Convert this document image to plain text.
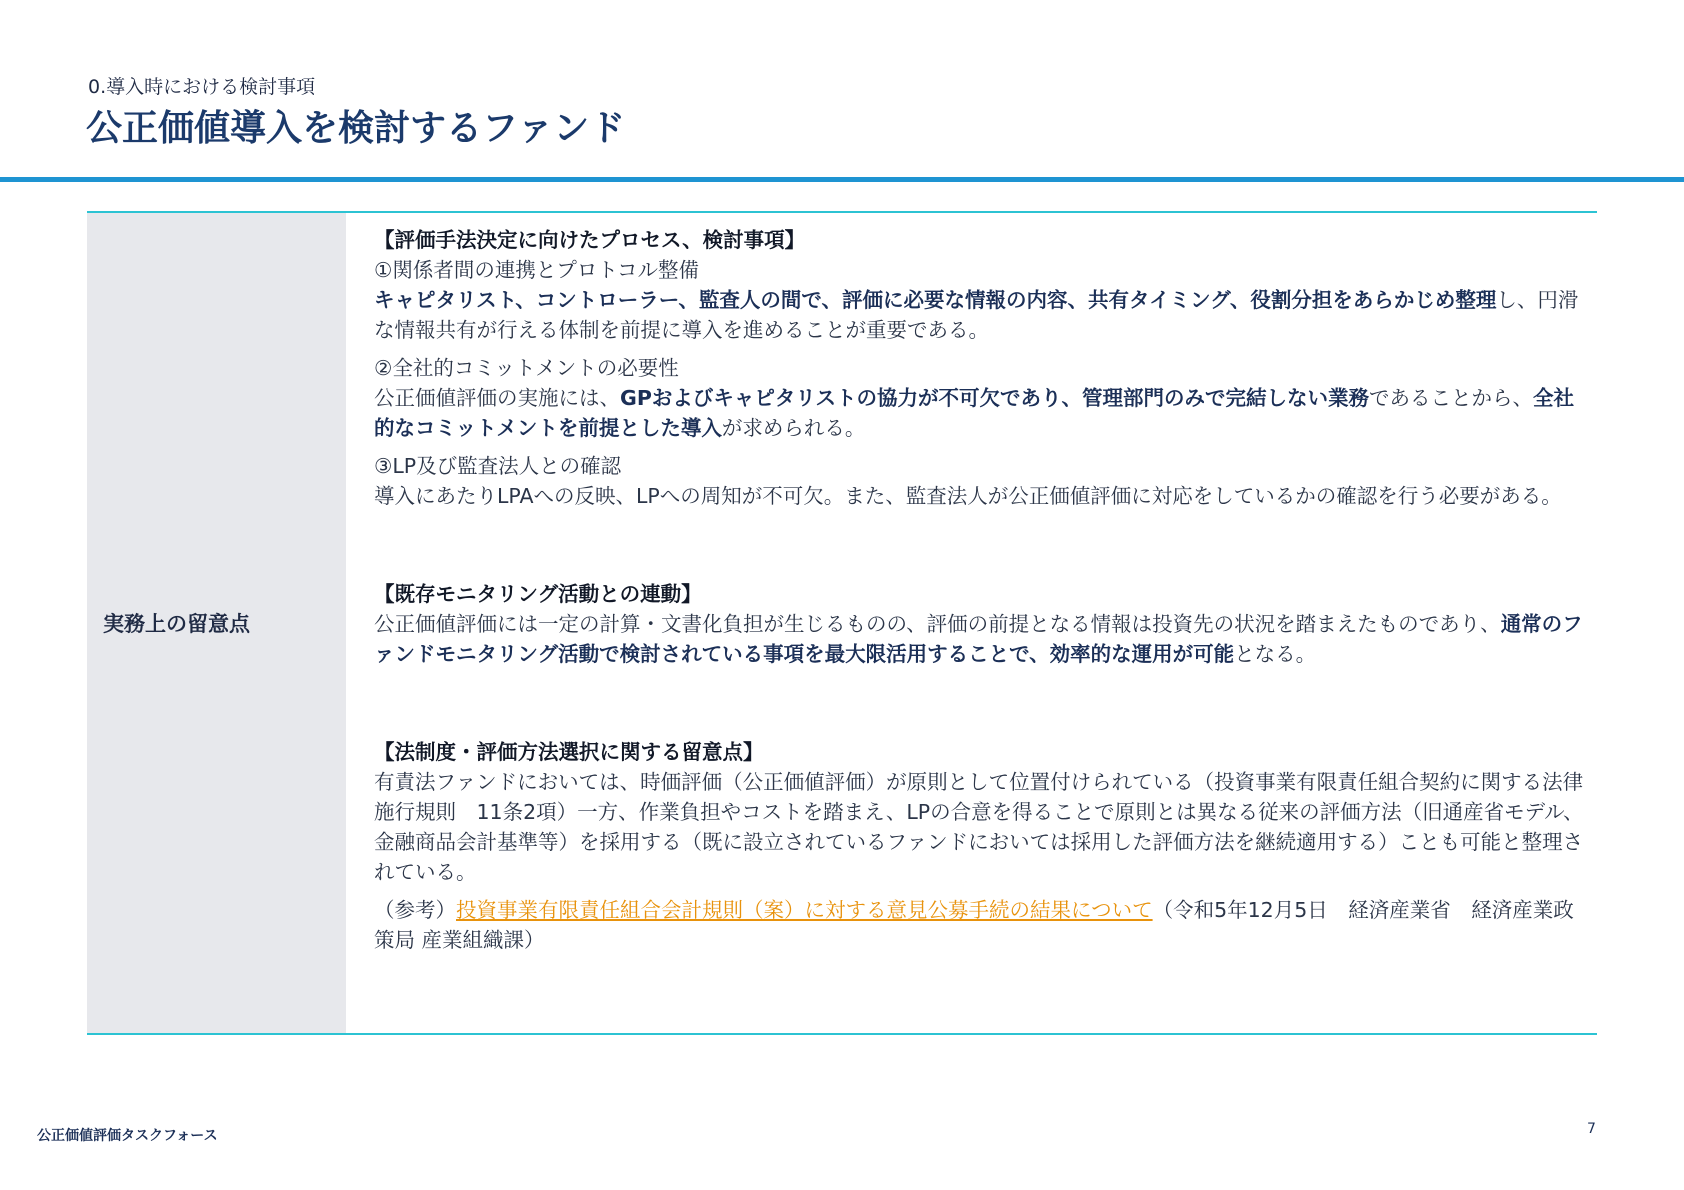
0.導入時における検討事項
公正価値導入を検討するファンド
実務上の留意点

【評価手法決定に向けたプロセス、検討事項】

①関係者間の連携とプロトコル整備

キャピタリスト、コントローラー、監査人の間で、評価に必要な情報の内容、共有タイミング、役割分担をあらかじめ整理し、円滑な情報共有が行える体制を前提に導入を進めることが重要である。

②全社的コミットメントの必要性

公正価値評価の実施には、GPおよびキャピタリストの協力が不可欠であり、管理部門のみで完結しない業務であることから、全社的なコミットメントを前提とした導入が求められる。

③LP及び監査法人との確認

導入にあたりLPAへの反映、LPへの周知が不可欠。また、監査法人が公正価値評価に対応をしているかの確認を行う必要がある。

【既存モニタリング活動との連動】

公正価値評価には一定の計算・文書化負担が生じるものの、評価の前提となる情報は投資先の状況を踏まえたものであり、通常のファンドモニタリング活動で検討されている事項を最大限活用することで、効率的な運用が可能となる。

【法制度・評価方法選択に関する留意点】

有責法ファンドにおいては、時価評価（公正価値評価）が原則として位置付けられている（投資事業有限責任組合契約に関する法律施行規則　11条2項）一方、作業負担やコストを踏まえ、LPの合意を得ることで原則とは異なる従来の評価方法（旧通産省モデル、金融商品会計基準等）を採用する（既に設立されているファンドにおいては採用した評価方法を継続適用する）ことも可能と整理されている。

（参考）投資事業有限責任組合会計規則（案）に対する意見公募手続の結果について（令和5年12月5日　経済産業省　経済産業政策局 産業組織課）

公正価値評価タスクフォース	7
